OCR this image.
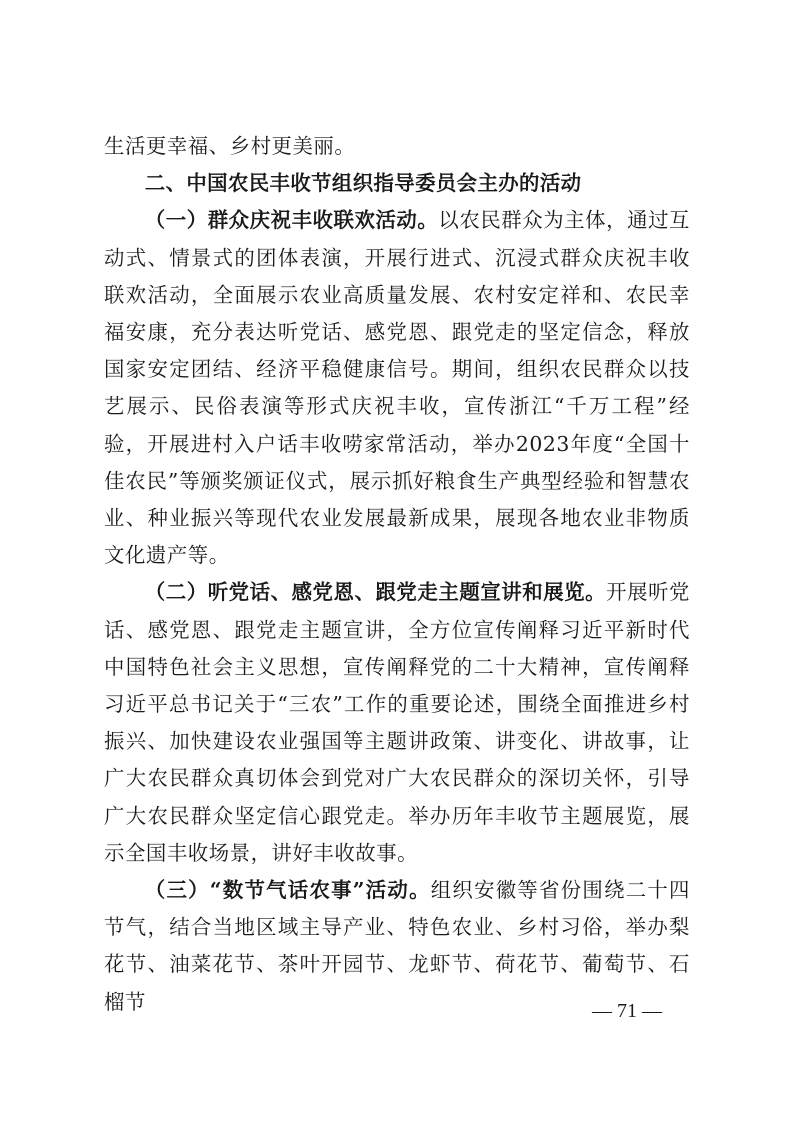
生活更幸福、乡村更美丽。

二、中国农民丰收节组织指导委员会主办的活动

（一）群众庆祝丰收联欢活动。以农民群众为主体，通过互动式、情景式的团体表演，开展行进式、沉浸式群众庆祝丰收联欢活动，全面展示农业高质量发展、农村安定祥和、农民幸福安康，充分表达听党话、感党恩、跟党走的坚定信念，释放国家安定团结、经济平稳健康信号。期间，组织农民群众以技艺展示、民俗表演等形式庆祝丰收，宣传浙江“千万工程”经验，开展进村入户话丰收唠家常活动，举办2023年度“全国十佳农民”等颁奖颁证仪式，展示抓好粮食生产典型经验和智慧农业、种业振兴等现代农业发展最新成果，展现各地农业非物质文化遗产等。

（二）听党话、感党恩、跟党走主题宣讲和展览。开展听党话、感党恩、跟党走主题宣讲，全方位宣传阐释习近平新时代中国特色社会主义思想，宣传阐释党的二十大精神，宣传阐释习近平总书记关于“三农”工作的重要论述，围绕全面推进乡村振兴、加快建设农业强国等主题讲政策、讲变化、讲故事，让广大农民群众真切体会到党对广大农民群众的深切关怀，引导广大农民群众坚定信心跟党走。举办历年丰收节主题展览，展示全国丰收场景，讲好丰收故事。

（三）“数节气话农事”活动。组织安徽等省份围绕二十四节气，结合当地区域主导产业、特色农业、乡村习俗，举办梨花节、油菜花节、茶叶开园节、龙虾节、荷花节、葡萄节、石榴节	— 71 —
